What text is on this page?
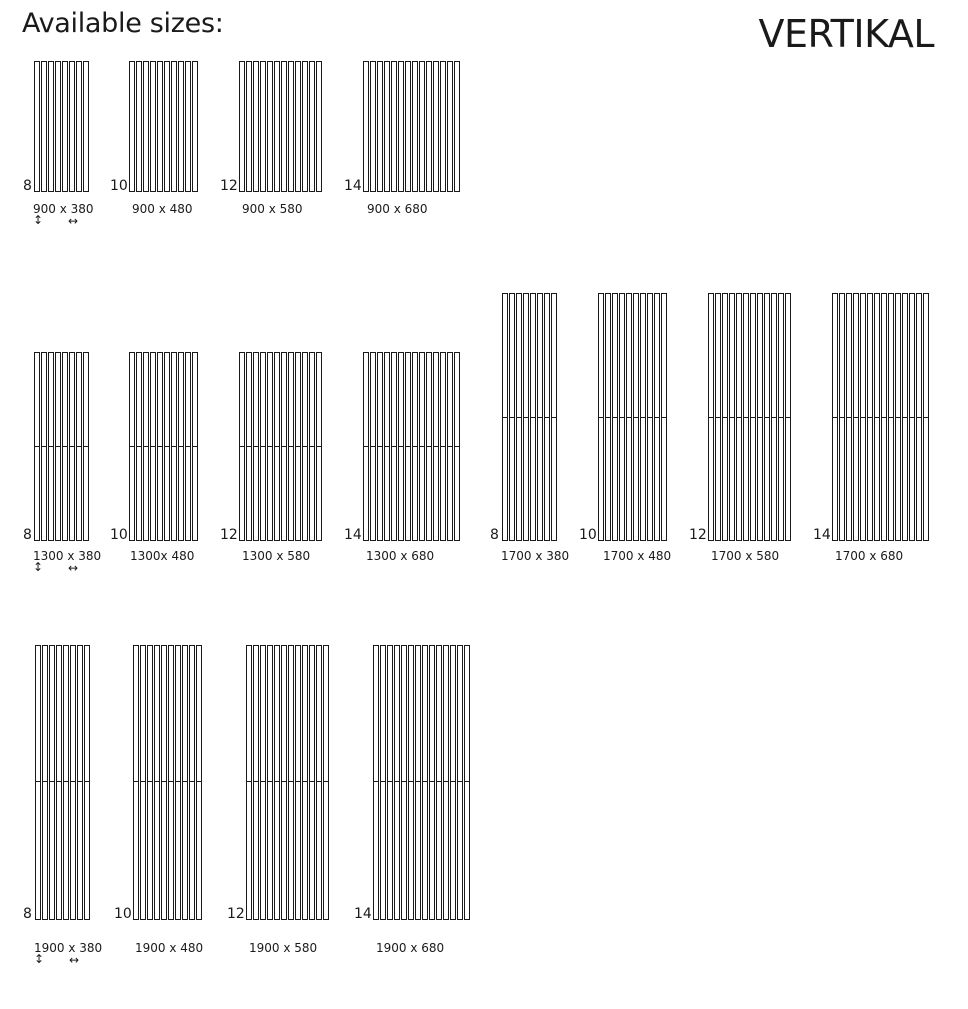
Available sizes:	VERTIKAL
8
900 x 380
↕ ↔
10
900 x 480
12
900 x 580
14
900 x 680
8
1300 x 380
↕ ↔
10
1300x 480
12
1300 x 580
14
1300 x 680
8
1700 x 380
10
1700 x 480
12
1700 x 580
14
1700 x 680
8
1900 x 380
↕ ↔
10
1900 x 480
12
1900 x 580
14
1900 x 680
